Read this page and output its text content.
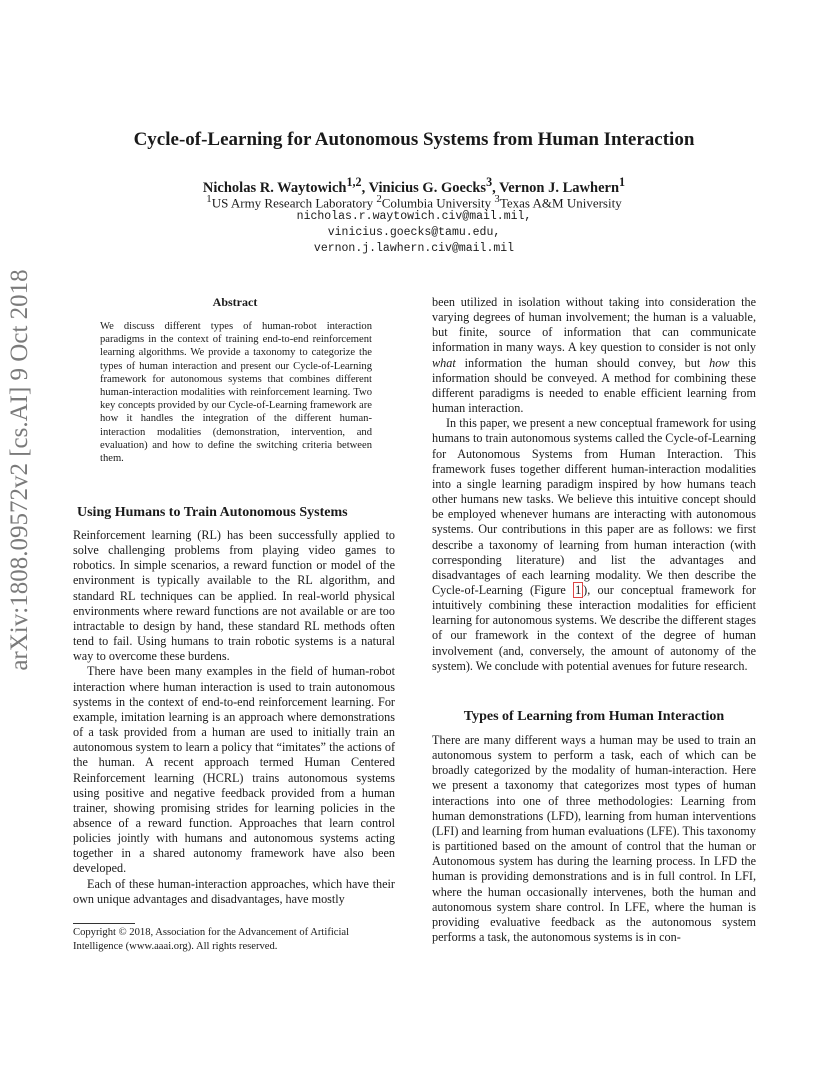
arXiv:1808.09572v2 [cs.AI] 9 Oct 2018
Cycle-of-Learning for Autonomous Systems from Human Interaction
Nicholas R. Waytowich$^{1,2}$, Vinicius G. Goecks$^3$, Vernon J. Lawhern$^1$
$^1$US Army Research Laboratory $^2$Columbia University $^3$Texas A&M University
nicholas.r.waytowich.civ@mail.mil,
vinicius.goecks@tamu.edu,
vernon.j.lawhern.civ@mail.mil
Abstract
We discuss different types of human-robot interaction paradigms in the context of training end-to-end reinforcement learning algorithms. We provide a taxonomy to categorize the types of human interaction and present our Cycle-of-Learning framework for autonomous systems that combines different human-interaction modalities with reinforcement learning. Two key concepts provided by our Cycle-of-Learning framework are how it handles the integration of the different human-interaction modalities (demonstration, intervention, and evaluation) and how to define the switching criteria between them.
Using Humans to Train Autonomous Systems

Reinforcement learning (RL) has been successfully applied to solve challenging problems from playing video games to robotics. In simple scenarios, a reward function or model of the environment is typically available to the RL algorithm, and standard RL techniques can be applied. In real-world physical environments where reward functions are not available or are too intractable to design by hand, these standard RL methods often tend to fail. Using humans to train robotic systems is a natural way to overcome these burdens.

There have been many examples in the field of human-robot interaction where human interaction is used to train autonomous systems in the context of end-to-end reinforcement learning. For example, imitation learning is an approach where demonstrations of a task provided from a human are used to initially train an autonomous system to learn a policy that “imitates” the actions of the human. A recent approach termed Human Centered Reinforcement learning (HCRL) trains autonomous systems using positive and negative feedback provided from a human trainer, showing promising strides for learning policies in the absence of a reward function. Approaches that learn control policies jointly with humans and autonomous systems acting together in a shared autonomy framework have also been developed.

Each of these human-interaction approaches, which have their own unique advantages and disadvantages, have mostly

Copyright © 2018, Association for the Advancement of Artificial Intelligence (www.aaai.org). All rights reserved.

been utilized in isolation without taking into consideration the varying degrees of human involvement; the human is a valuable, but finite, source of information that can communicate information in many ways. A key question to consider is not only what information the human should convey, but how this information should be conveyed. A method for combining these different paradigms is needed to enable efficient learning from human interaction.

In this paper, we present a new conceptual framework for using humans to train autonomous systems called the Cycle-of-Learning for Autonomous Systems from Human Interaction. This framework fuses together different human-interaction modalities into a single learning paradigm inspired by how humans teach other humans new tasks. We believe this intuitive concept should be employed whenever humans are interacting with autonomous systems. Our contributions in this paper are as follows: we first describe a taxonomy of learning from human interaction (with corresponding literature) and list the advantages and disadvantages of each learning modality. We then describe the Cycle-of-Learning (Figure 1 ), our conceptual framework for intuitively combining these interaction modalities for efficient learning for autonomous systems. We describe the different stages of our framework in the context of the degree of human involvement (and, conversely, the amount of autonomy of the system). We conclude with potential avenues for future research.

Types of Learning from Human Interaction

There are many different ways a human may be used to train an autonomous system to perform a task, each of which can be broadly categorized by the modality of human-interaction. Here we present a taxonomy that categorizes most types of human interactions into one of three methodologies: Learning from human demonstrations (LFD), learning from human interventions (LFI) and learning from human evaluations (LFE). This taxonomy is partitioned based on the amount of control that the human or Autonomous system has during the learning process. In LFD the human is providing demonstrations and is in full control. In LFI, where the human occasionally intervenes, both the human and autonomous system share control. In LFE, where the human is providing evaluative feedback as the autonomous system performs a task, the autonomous systems is in con-
